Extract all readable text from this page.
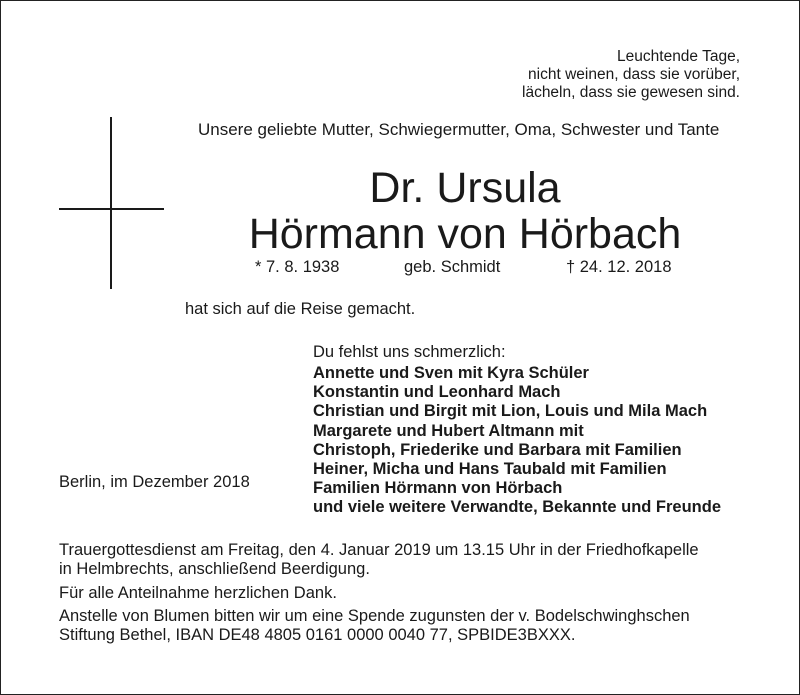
Leuchtende Tage,
nicht weinen, dass sie vorüber,
lächeln, dass sie gewesen sind.
Unsere geliebte Mutter, Schwiegermutter, Oma, Schwester und Tante
Dr. Ursula
Hörmann von Hörbach
* 7. 8. 1938	geb. Schmidt	† 24. 12. 2018
hat sich auf die Reise gemacht.
Du fehlst uns schmerzlich:
Annette und Sven mit Kyra Schüler
Konstantin und Leonhard Mach
Christian und Birgit mit Lion, Louis und Mila Mach
Margarete und Hubert Altmann mit
Christoph, Friederike und Barbara mit Familien
Heiner, Micha und Hans Taubald mit Familien
Familien Hörmann von Hörbach
und viele weitere Verwandte, Bekannte und Freunde
Berlin, im Dezember 2018
Trauergottesdienst am Freitag, den 4. Januar 2019 um 13.15 Uhr in der Friedhofkapelle
in Helmbrechts, anschließend Beerdigung.
Für alle Anteilnahme herzlichen Dank.
Anstelle von Blumen bitten wir um eine Spende zugunsten der v. Bodelschwinghschen
Stiftung Bethel, IBAN DE48 4805 0161 0000 0040 77, SPBIDE3BXXX.
